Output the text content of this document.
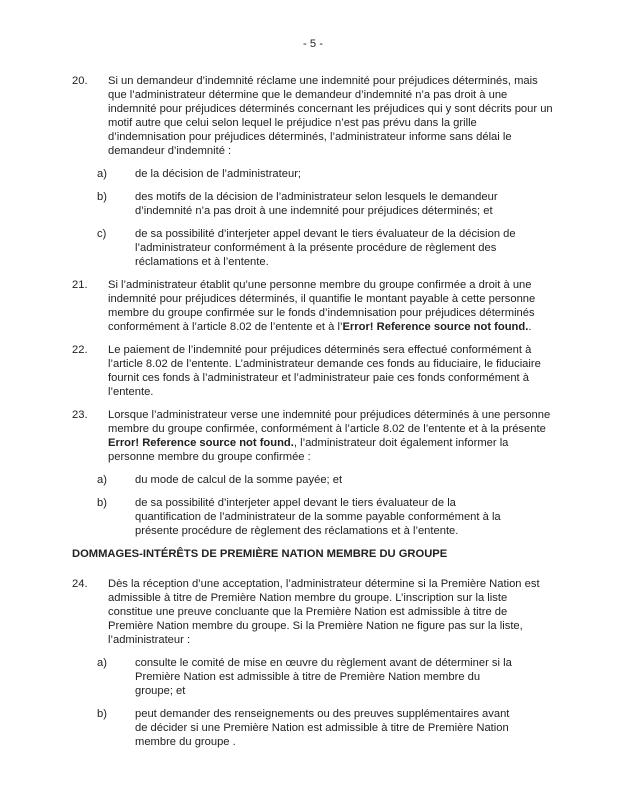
- 5 -
20.	Si un demandeur d’indemnité réclame une indemnité pour préjudices déterminés, mais que l’administrateur détermine que le demandeur d’indemnité n’a pas droit à une indemnité pour préjudices déterminés concernant les préjudices qui y sont décrits pour un motif autre que celui selon lequel le préjudice n’est pas prévu dans la grille d’indemnisation pour préjudices déterminés, l’administrateur informe sans délai le demandeur d’indemnité :
a)	de la décision de l’administrateur;
b)	des motifs de la décision de l’administrateur selon lesquels le demandeur d’indemnité n’a pas droit à une indemnité pour préjudices déterminés; et
c)	de sa possibilité d’interjeter appel devant le tiers évaluateur de la décision de l’administrateur conformément à la présente procédure de règlement des réclamations et à l’entente.
21.	Si l’administrateur établit qu’une personne membre du groupe confirmée a droit à une indemnité pour préjudices déterminés, il quantifie le montant payable à cette personne membre du groupe confirmée sur le fonds d’indemnisation pour préjudices déterminés conformément à l’article 8.02 de l’entente et à l’Error! Reference source not found..
22.	Le paiement de l’indemnité pour préjudices déterminés sera effectué conformément à l’article 8.02 de l’entente. L’administrateur demande ces fonds au fiduciaire, le fiduciaire fournit ces fonds à l’administrateur et l’administrateur paie ces fonds conformément à l’entente.
23.	Lorsque l’administrateur verse une indemnité pour préjudices déterminés à une personne membre du groupe confirmée, conformément à l’article 8.02 de l’entente et à la présente Error! Reference source not found., l’administrateur doit également informer la personne membre du groupe confirmée :
a)	du mode de calcul de la somme payée; et
b)	de sa possibilité d’interjeter appel devant le tiers évaluateur de la quantification de l’administrateur de la somme payable conformément à la présente procédure de règlement des réclamations et à l’entente.
DOMMAGES-INTÉRÊTS DE PREMIÈRE NATION MEMBRE DU GROUPE
24.	Dès la réception d’une acceptation, l’administrateur détermine si la Première Nation est admissible à titre de Première Nation membre du groupe. L’inscription sur la liste constitue une preuve concluante que la Première Nation est admissible à titre de Première Nation membre du groupe. Si la Première Nation ne figure pas sur la liste, l’administrateur :
a)	consulte le comité de mise en œuvre du règlement avant de déterminer si la Première Nation est admissible à titre de Première Nation membre du groupe; et
b)	peut demander des renseignements ou des preuves supplémentaires avant de décider si une Première Nation est admissible à titre de Première Nation membre du groupe .
